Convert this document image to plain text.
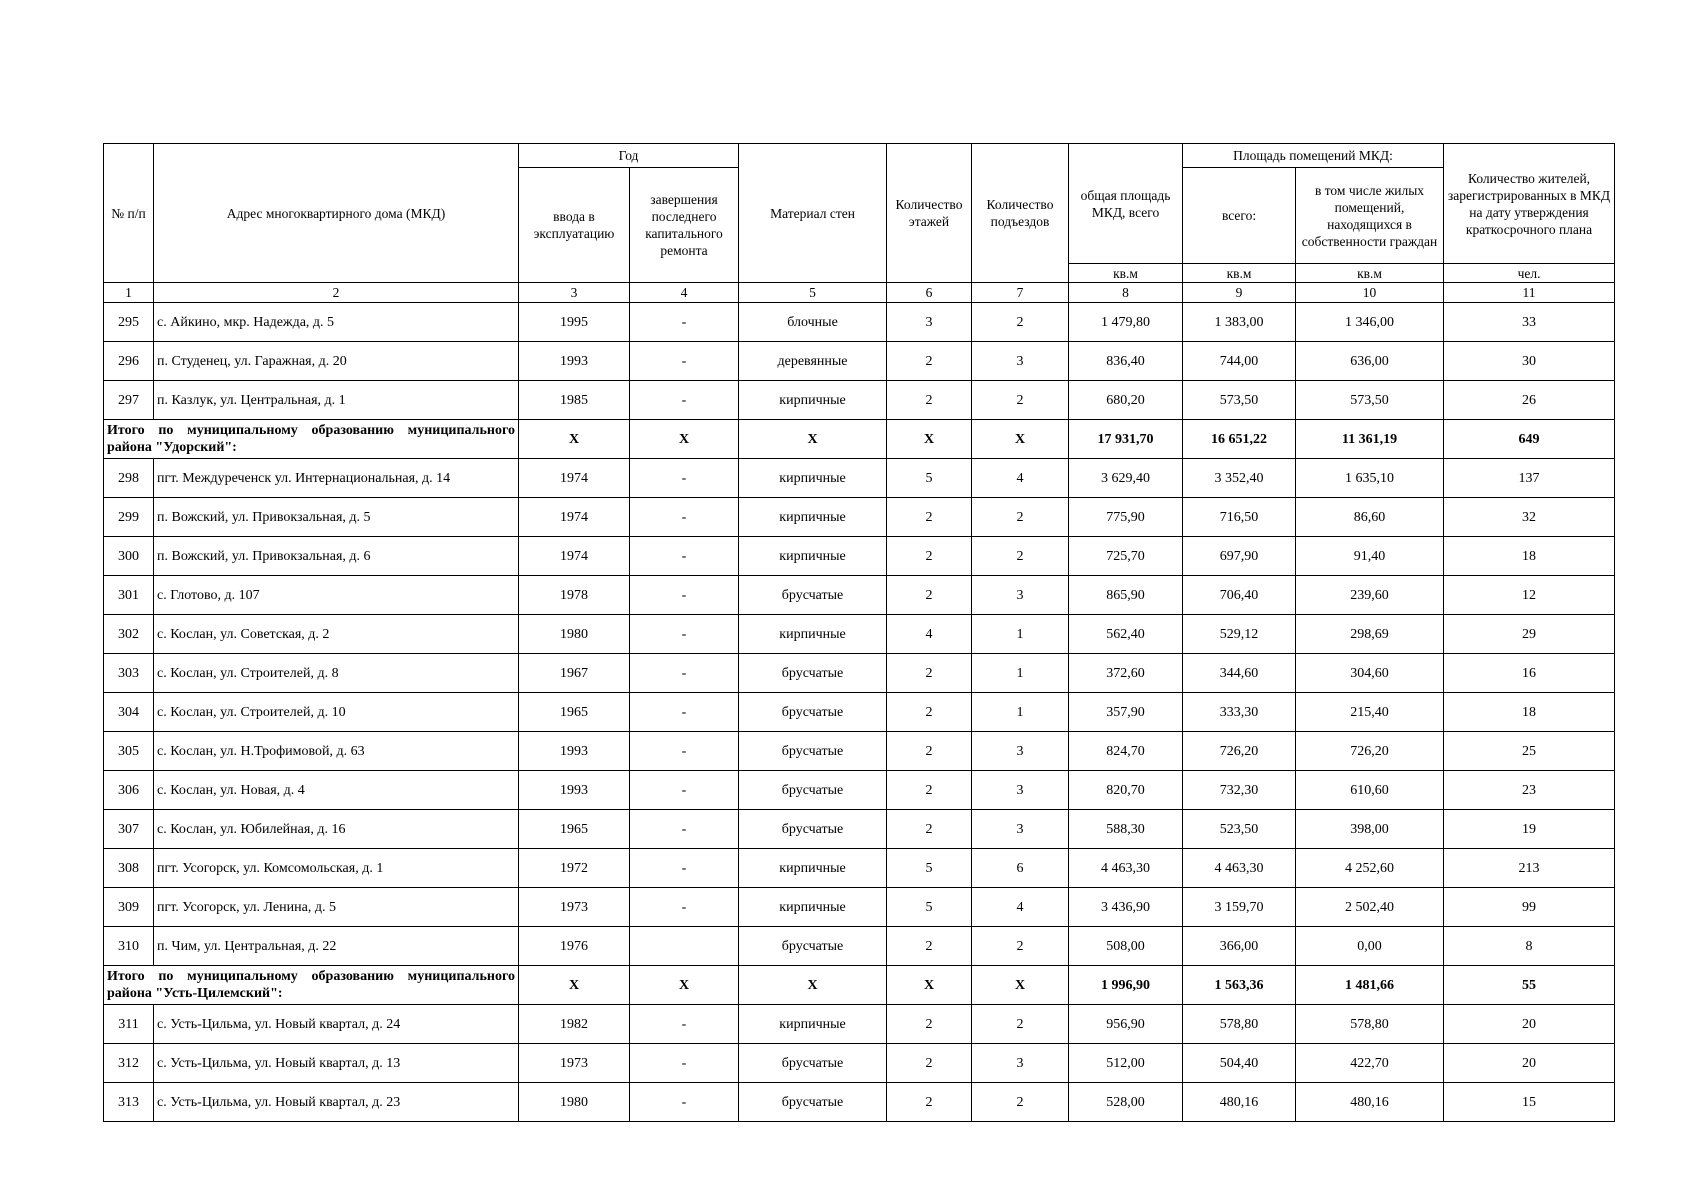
№ п/п	Адрес многоквартирного дома (МКД)	Год		Материал стен	Количество этажей	Количество подъездов	общая площадь МКД, всего	Площадь помещений МКД:		Количество жителей, зарегистрированных в МКД на дату утверждения краткосрочного плана
		ввода в эксплуатацию	завершения последнего капитального ремонта					всего:	в том числе жилых помещений, находящихся в собственности граждан	
							кв.м	кв.м	кв.м	чел.
1	2	3	4	5	6	7	8	9	10	11
295	с. Айкино, мкр. Надежда, д. 5	1995	-	блочные	3	2	1 479,80	1 383,00	1 346,00	33
296	п. Студенец, ул. Гаражная, д. 20	1993	-	деревянные	2	3	836,40	744,00	636,00	30
297	п. Казлук, ул. Центральная, д. 1	1985	-	кирпичные	2	2	680,20	573,50	573,50	26
Итого по муниципальному образованию муниципального района "Удорский":		X	X	X	X	X	17 931,70	16 651,22	11 361,19	649
298	пгт. Междуреченск ул. Интернациональная, д. 14	1974	-	кирпичные	5	4	3 629,40	3 352,40	1 635,10	137
299	п. Вожский, ул. Привокзальная, д. 5	1974	-	кирпичные	2	2	775,90	716,50	86,60	32
300	п. Вожский, ул. Привокзальная, д. 6	1974	-	кирпичные	2	2	725,70	697,90	91,40	18
301	с. Глотово, д. 107	1978	-	брусчатые	2	3	865,90	706,40	239,60	12
302	с. Кослан, ул. Советская, д. 2	1980	-	кирпичные	4	1	562,40	529,12	298,69	29
303	с. Кослан, ул. Строителей, д. 8	1967	-	брусчатые	2	1	372,60	344,60	304,60	16
304	с. Кослан, ул. Строителей, д. 10	1965	-	брусчатые	2	1	357,90	333,30	215,40	18
305	с. Кослан, ул. Н.Трофимовой, д. 63	1993	-	брусчатые	2	3	824,70	726,20	726,20	25
306	с. Кослан, ул. Новая, д. 4	1993	-	брусчатые	2	3	820,70	732,30	610,60	23
307	с. Кослан, ул. Юбилейная, д. 16	1965	-	брусчатые	2	3	588,30	523,50	398,00	19
308	пгт. Усогорск, ул. Комсомольская, д. 1	1972	-	кирпичные	5	6	4 463,30	4 463,30	4 252,60	213
309	пгт. Усогорск, ул. Ленина, д. 5	1973	-	кирпичные	5	4	3 436,90	3 159,70	2 502,40	99
310	п. Чим, ул. Центральная, д. 22	1976		брусчатые	2	2	508,00	366,00	0,00	8
Итого по муниципальному образованию муниципального района "Усть-Цилемский":		X	X	X	X	X	1 996,90	1 563,36	1 481,66	55
311	с. Усть-Цильма, ул. Новый квартал, д. 24	1982	-	кирпичные	2	2	956,90	578,80	578,80	20
312	с. Усть-Цильма, ул. Новый квартал, д. 13	1973	-	брусчатые	2	3	512,00	504,40	422,70	20
313	с. Усть-Цильма, ул. Новый квартал, д. 23	1980	-	брусчатые	2	2	528,00	480,16	480,16	15
